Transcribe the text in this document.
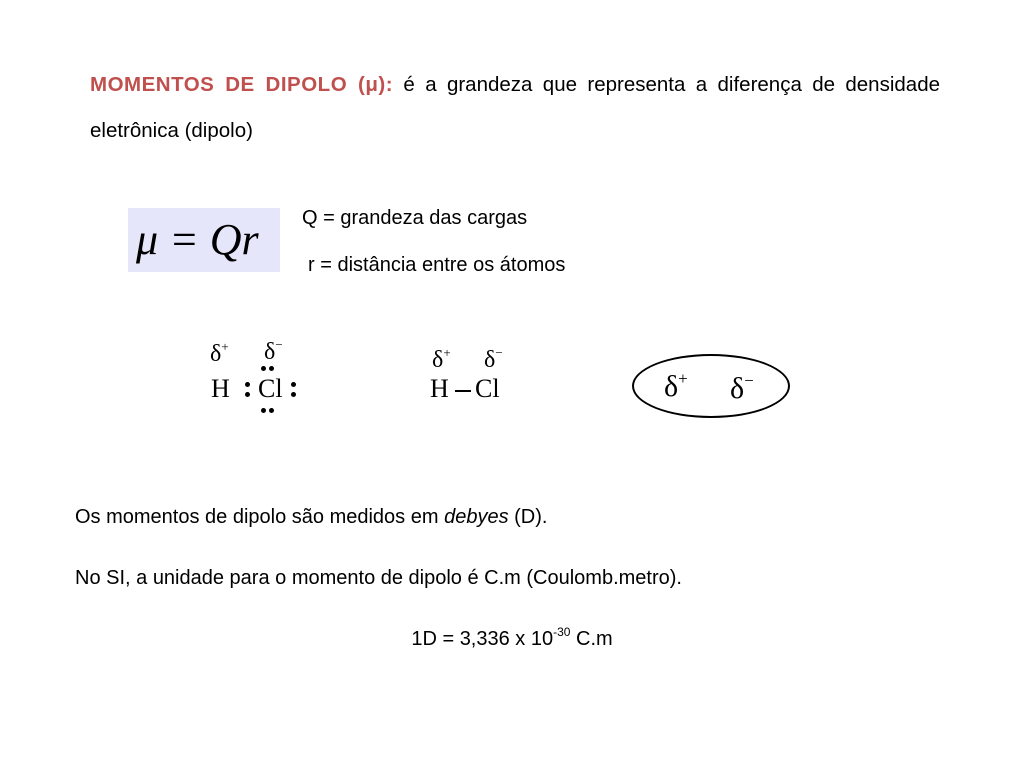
MOMENTOS DE DIPOLO (μ): é a grandeza que representa a diferença de densidade eletrônica (dipolo)
μ = Qr Q = grandeza das cargas
r = distância entre os átomos
δ+ δ−
H Cl
δ+ δ−
H Cl	δ+ δ−
Os momentos de dipolo são medidos em debyes (D).
No SI, a unidade para o momento de dipolo é C.m (Coulomb.metro).
1D = 3,336 x $10^{-30}$ C.m
